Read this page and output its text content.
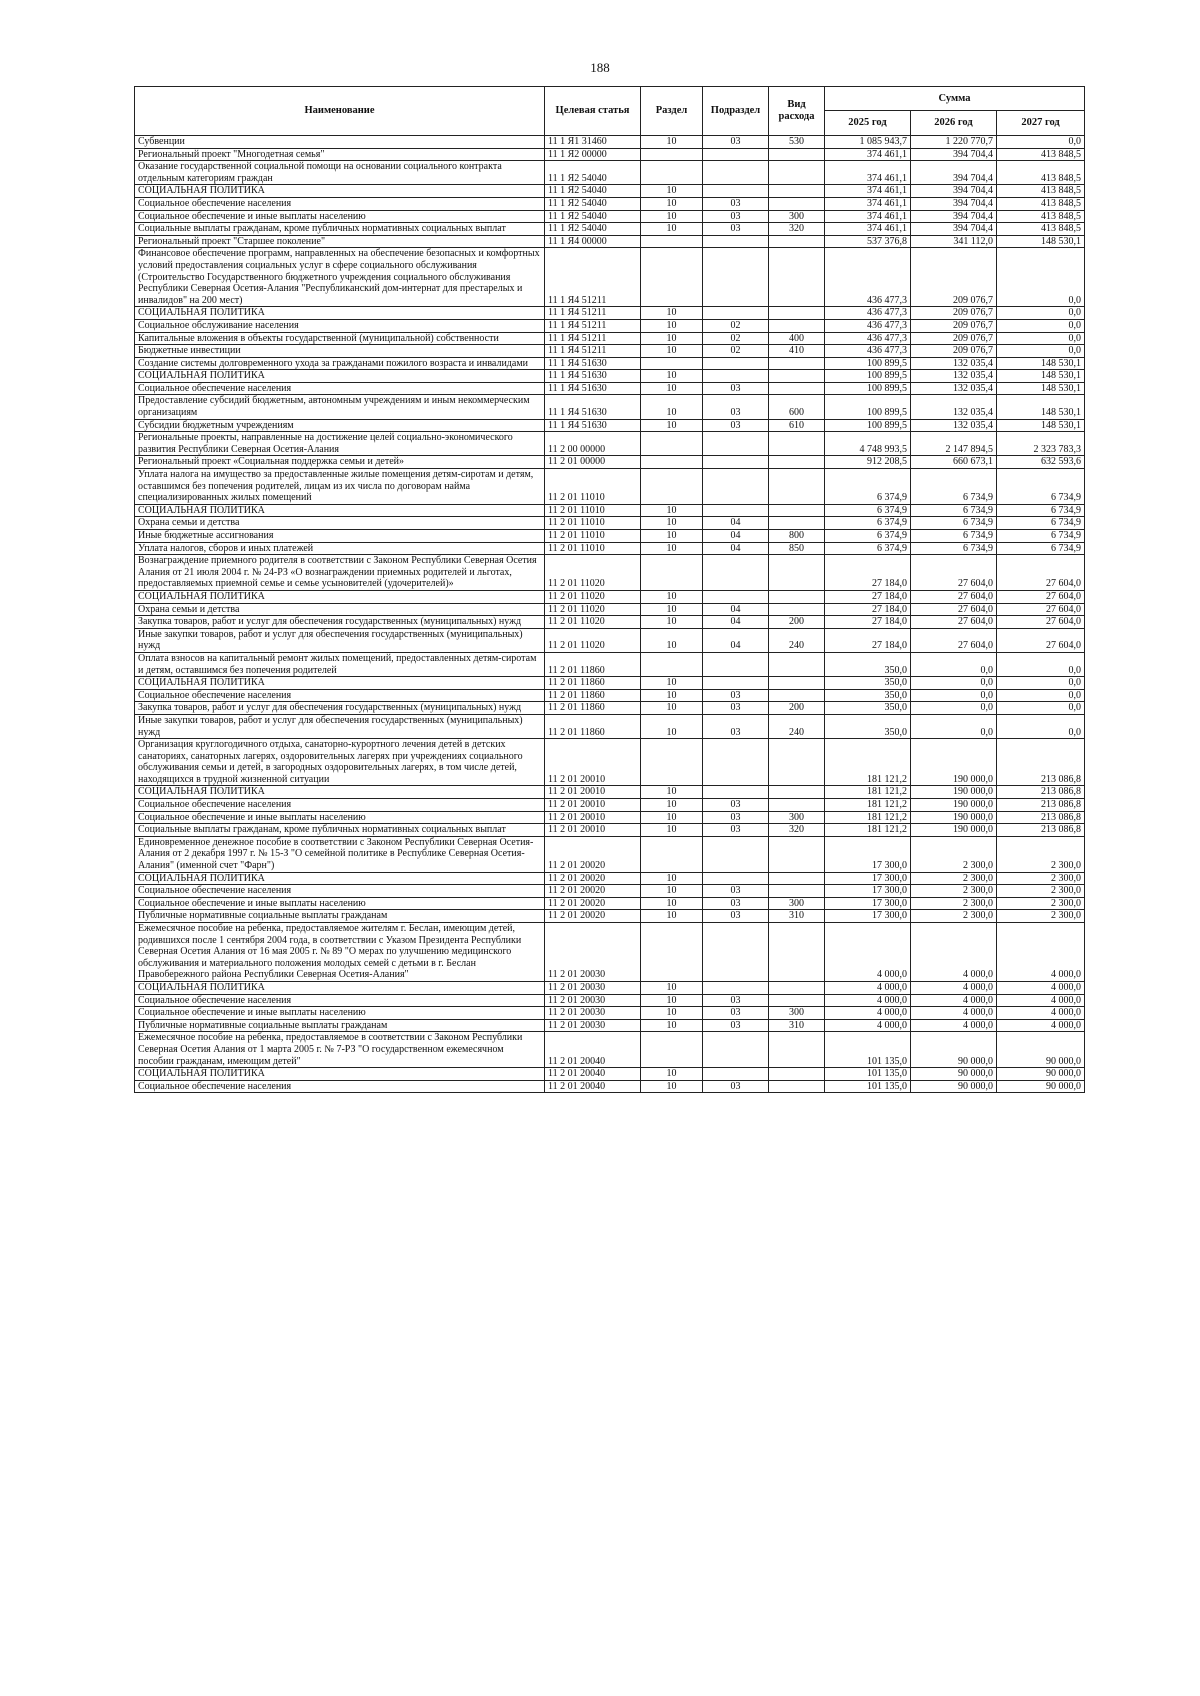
188
Наименование	Целевая статья	Раздел	Подраздел	Вид расхода	Сумма		
					2025 год	2026 год	2027 год
Субвенции	11 1 Я1 31460	10	03	530	1 085 943,7	1 220 770,7	0,0
Региональный проект "Многодетная семья"	11 1 Я2 00000				374 461,1	394 704,4	413 848,5
Оказание государственной социальной помощи на основании социального контракта отдельным категориям граждан	11 1 Я2 54040				374 461,1	394 704,4	413 848,5
СОЦИАЛЬНАЯ ПОЛИТИКА	11 1 Я2 54040	10			374 461,1	394 704,4	413 848,5
Социальное обеспечение населения	11 1 Я2 54040	10	03		374 461,1	394 704,4	413 848,5
Социальное обеспечение и иные выплаты населению	11 1 Я2 54040	10	03	300	374 461,1	394 704,4	413 848,5
Социальные выплаты гражданам, кроме публичных нормативных социальных выплат	11 1 Я2 54040	10	03	320	374 461,1	394 704,4	413 848,5
Региональный проект "Старшее поколение"	11 1 Я4 00000				537 376,8	341 112,0	148 530,1
Финансовое обеспечение программ, направленных на обеспечение безопасных и комфортных условий предоставления социальных услуг в сфере социального обслуживания (Строительство Государственного бюджетного учреждения социального обслуживания Республики Северная Осетия-Алания "Республиканский дом-интернат для престарелых и инвалидов" на 200 мест)	11 1 Я4 51211				436 477,3	209 076,7	0,0
СОЦИАЛЬНАЯ ПОЛИТИКА	11 1 Я4 51211	10			436 477,3	209 076,7	0,0
Социальное обслуживание населения	11 1 Я4 51211	10	02		436 477,3	209 076,7	0,0
Капитальные вложения в объекты государственной (муниципальной) собственности	11 1 Я4 51211	10	02	400	436 477,3	209 076,7	0,0
Бюджетные инвестиции	11 1 Я4 51211	10	02	410	436 477,3	209 076,7	0,0
Создание системы долговременного ухода за гражданами пожилого возраста и инвалидами	11 1 Я4 51630				100 899,5	132 035,4	148 530,1
СОЦИАЛЬНАЯ ПОЛИТИКА	11 1 Я4 51630	10			100 899,5	132 035,4	148 530,1
Социальное обеспечение населения	11 1 Я4 51630	10	03		100 899,5	132 035,4	148 530,1
Предоставление субсидий бюджетным, автономным учреждениям и иным некоммерческим организациям	11 1 Я4 51630	10	03	600	100 899,5	132 035,4	148 530,1
Субсидии бюджетным учреждениям	11 1 Я4 51630	10	03	610	100 899,5	132 035,4	148 530,1
Региональные проекты, направленные на достижение целей социально-экономического развития Республики Северная Осетия-Алания	11 2 00 00000				4 748 993,5	2 147 894,5	2 323 783,3
Региональный проект «Социальная поддержка семьи и детей»	11 2 01 00000				912 208,5	660 673,1	632 593,6
Уплата налога на имущество за предоставленные жилые помещения детям-сиротам и детям, оставшимся без попечения родителей, лицам из их числа по договорам найма специализированных жилых помещений	11 2 01 11010				6 374,9	6 734,9	6 734,9
СОЦИАЛЬНАЯ ПОЛИТИКА	11 2 01 11010	10			6 374,9	6 734,9	6 734,9
Охрана семьи и детства	11 2 01 11010	10	04		6 374,9	6 734,9	6 734,9
Иные бюджетные ассигнования	11 2 01 11010	10	04	800	6 374,9	6 734,9	6 734,9
Уплата налогов, сборов и иных платежей	11 2 01 11010	10	04	850	6 374,9	6 734,9	6 734,9
Вознаграждение приемного родителя в соответствии с Законом Республики Северная Осетия Алания от 21 июля 2004 г. № 24-РЗ «О вознаграждении приемных родителей и льготах, предоставляемых приемной семье и семье усыновителей (удочерителей)»	11 2 01 11020				27 184,0	27 604,0	27 604,0
СОЦИАЛЬНАЯ ПОЛИТИКА	11 2 01 11020	10			27 184,0	27 604,0	27 604,0
Охрана семьи и детства	11 2 01 11020	10	04		27 184,0	27 604,0	27 604,0
Закупка товаров, работ и услуг для обеспечения государственных (муниципальных) нужд	11 2 01 11020	10	04	200	27 184,0	27 604,0	27 604,0
Иные закупки товаров, работ и услуг для обеспечения государственных (муниципальных) нужд	11 2 01 11020	10	04	240	27 184,0	27 604,0	27 604,0
Оплата взносов на капитальный ремонт жилых помещений, предоставленных детям-сиротам и детям, оставшимся без попечения родителей	11 2 01 11860				350,0	0,0	0,0
СОЦИАЛЬНАЯ ПОЛИТИКА	11 2 01 11860	10			350,0	0,0	0,0
Социальное обеспечение населения	11 2 01 11860	10	03		350,0	0,0	0,0
Закупка товаров, работ и услуг для обеспечения государственных (муниципальных) нужд	11 2 01 11860	10	03	200	350,0	0,0	0,0
Иные закупки товаров, работ и услуг для обеспечения государственных (муниципальных) нужд	11 2 01 11860	10	03	240	350,0	0,0	0,0
Организация круглогодичного отдыха, санаторно-курортного лечения детей в детских санаториях, санаторных лагерях, оздоровительных лагерях при учреждениях социального обслуживания семьи и детей, в загородных оздоровительных лагерях, в том числе детей, находящихся в трудной жизненной ситуации	11 2 01 20010				181 121,2	190 000,0	213 086,8
СОЦИАЛЬНАЯ ПОЛИТИКА	11 2 01 20010	10			181 121,2	190 000,0	213 086,8
Социальное обеспечение населения	11 2 01 20010	10	03		181 121,2	190 000,0	213 086,8
Социальное обеспечение и иные выплаты населению	11 2 01 20010	10	03	300	181 121,2	190 000,0	213 086,8
Социальные выплаты гражданам, кроме публичных нормативных социальных выплат	11 2 01 20010	10	03	320	181 121,2	190 000,0	213 086,8
Единовременное денежное пособие в соответствии с Законом Республики Северная Осетия-Алания от 2 декабря 1997 г. № 15-З "О семейной политике в Республике Северная Осетия-Алания" (именной счет "Фарн")	11 2 01 20020				17 300,0	2 300,0	2 300,0
СОЦИАЛЬНАЯ ПОЛИТИКА	11 2 01 20020	10			17 300,0	2 300,0	2 300,0
Социальное обеспечение населения	11 2 01 20020	10	03		17 300,0	2 300,0	2 300,0
Социальное обеспечение и иные выплаты населению	11 2 01 20020	10	03	300	17 300,0	2 300,0	2 300,0
Публичные нормативные социальные выплаты гражданам	11 2 01 20020	10	03	310	17 300,0	2 300,0	2 300,0
Ежемесячное пособие на ребенка, предоставляемое жителям г. Беслан, имеющим детей, родившихся после 1 сентября 2004 года, в соответствии с Указом Президента Республики Северная Осетия Алания от 16 мая 2005 г. № 89 "О мерах по улучшению медицинского обслуживания и материального положения молодых семей с детьми в г. Беслан Правобережного района Республики Северная Осетия-Алания"	11 2 01 20030				4 000,0	4 000,0	4 000,0
СОЦИАЛЬНАЯ ПОЛИТИКА	11 2 01 20030	10			4 000,0	4 000,0	4 000,0
Социальное обеспечение населения	11 2 01 20030	10	03		4 000,0	4 000,0	4 000,0
Социальное обеспечение и иные выплаты населению	11 2 01 20030	10	03	300	4 000,0	4 000,0	4 000,0
Публичные нормативные социальные выплаты гражданам	11 2 01 20030	10	03	310	4 000,0	4 000,0	4 000,0
Ежемесячное пособие на ребенка, предоставляемое в соответствии с Законом Республики Северная Осетия Алания от 1 марта 2005 г. № 7-РЗ "О государственном ежемесячном пособии гражданам, имеющим детей"	11 2 01 20040				101 135,0	90 000,0	90 000,0
СОЦИАЛЬНАЯ ПОЛИТИКА	11 2 01 20040	10			101 135,0	90 000,0	90 000,0
Социальное обеспечение населения	11 2 01 20040	10	03		101 135,0	90 000,0	90 000,0
